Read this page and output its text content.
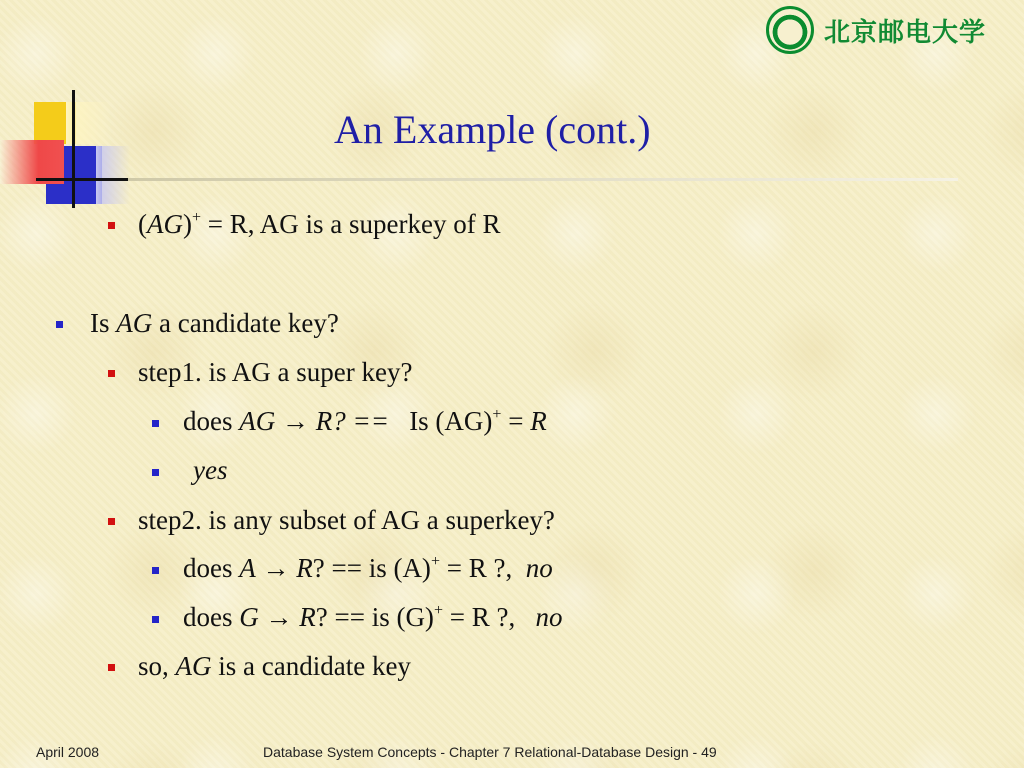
北京邮电大学
An Example (cont.)
(AG)+ = R, AG is a superkey of R
Is AG a candidate key?
step1. is AG a super key?
does AG → R? ==   Is (AG)+ = R
yes
step2. is any subset of AG a superkey?
does A → R? == is (A)+ = R ?,  no
does G → R? == is (G)+ = R ?,   no
so, AG is a candidate key
April 2008	Database System Concepts - Chapter 7 Relational-Database Design - 49
